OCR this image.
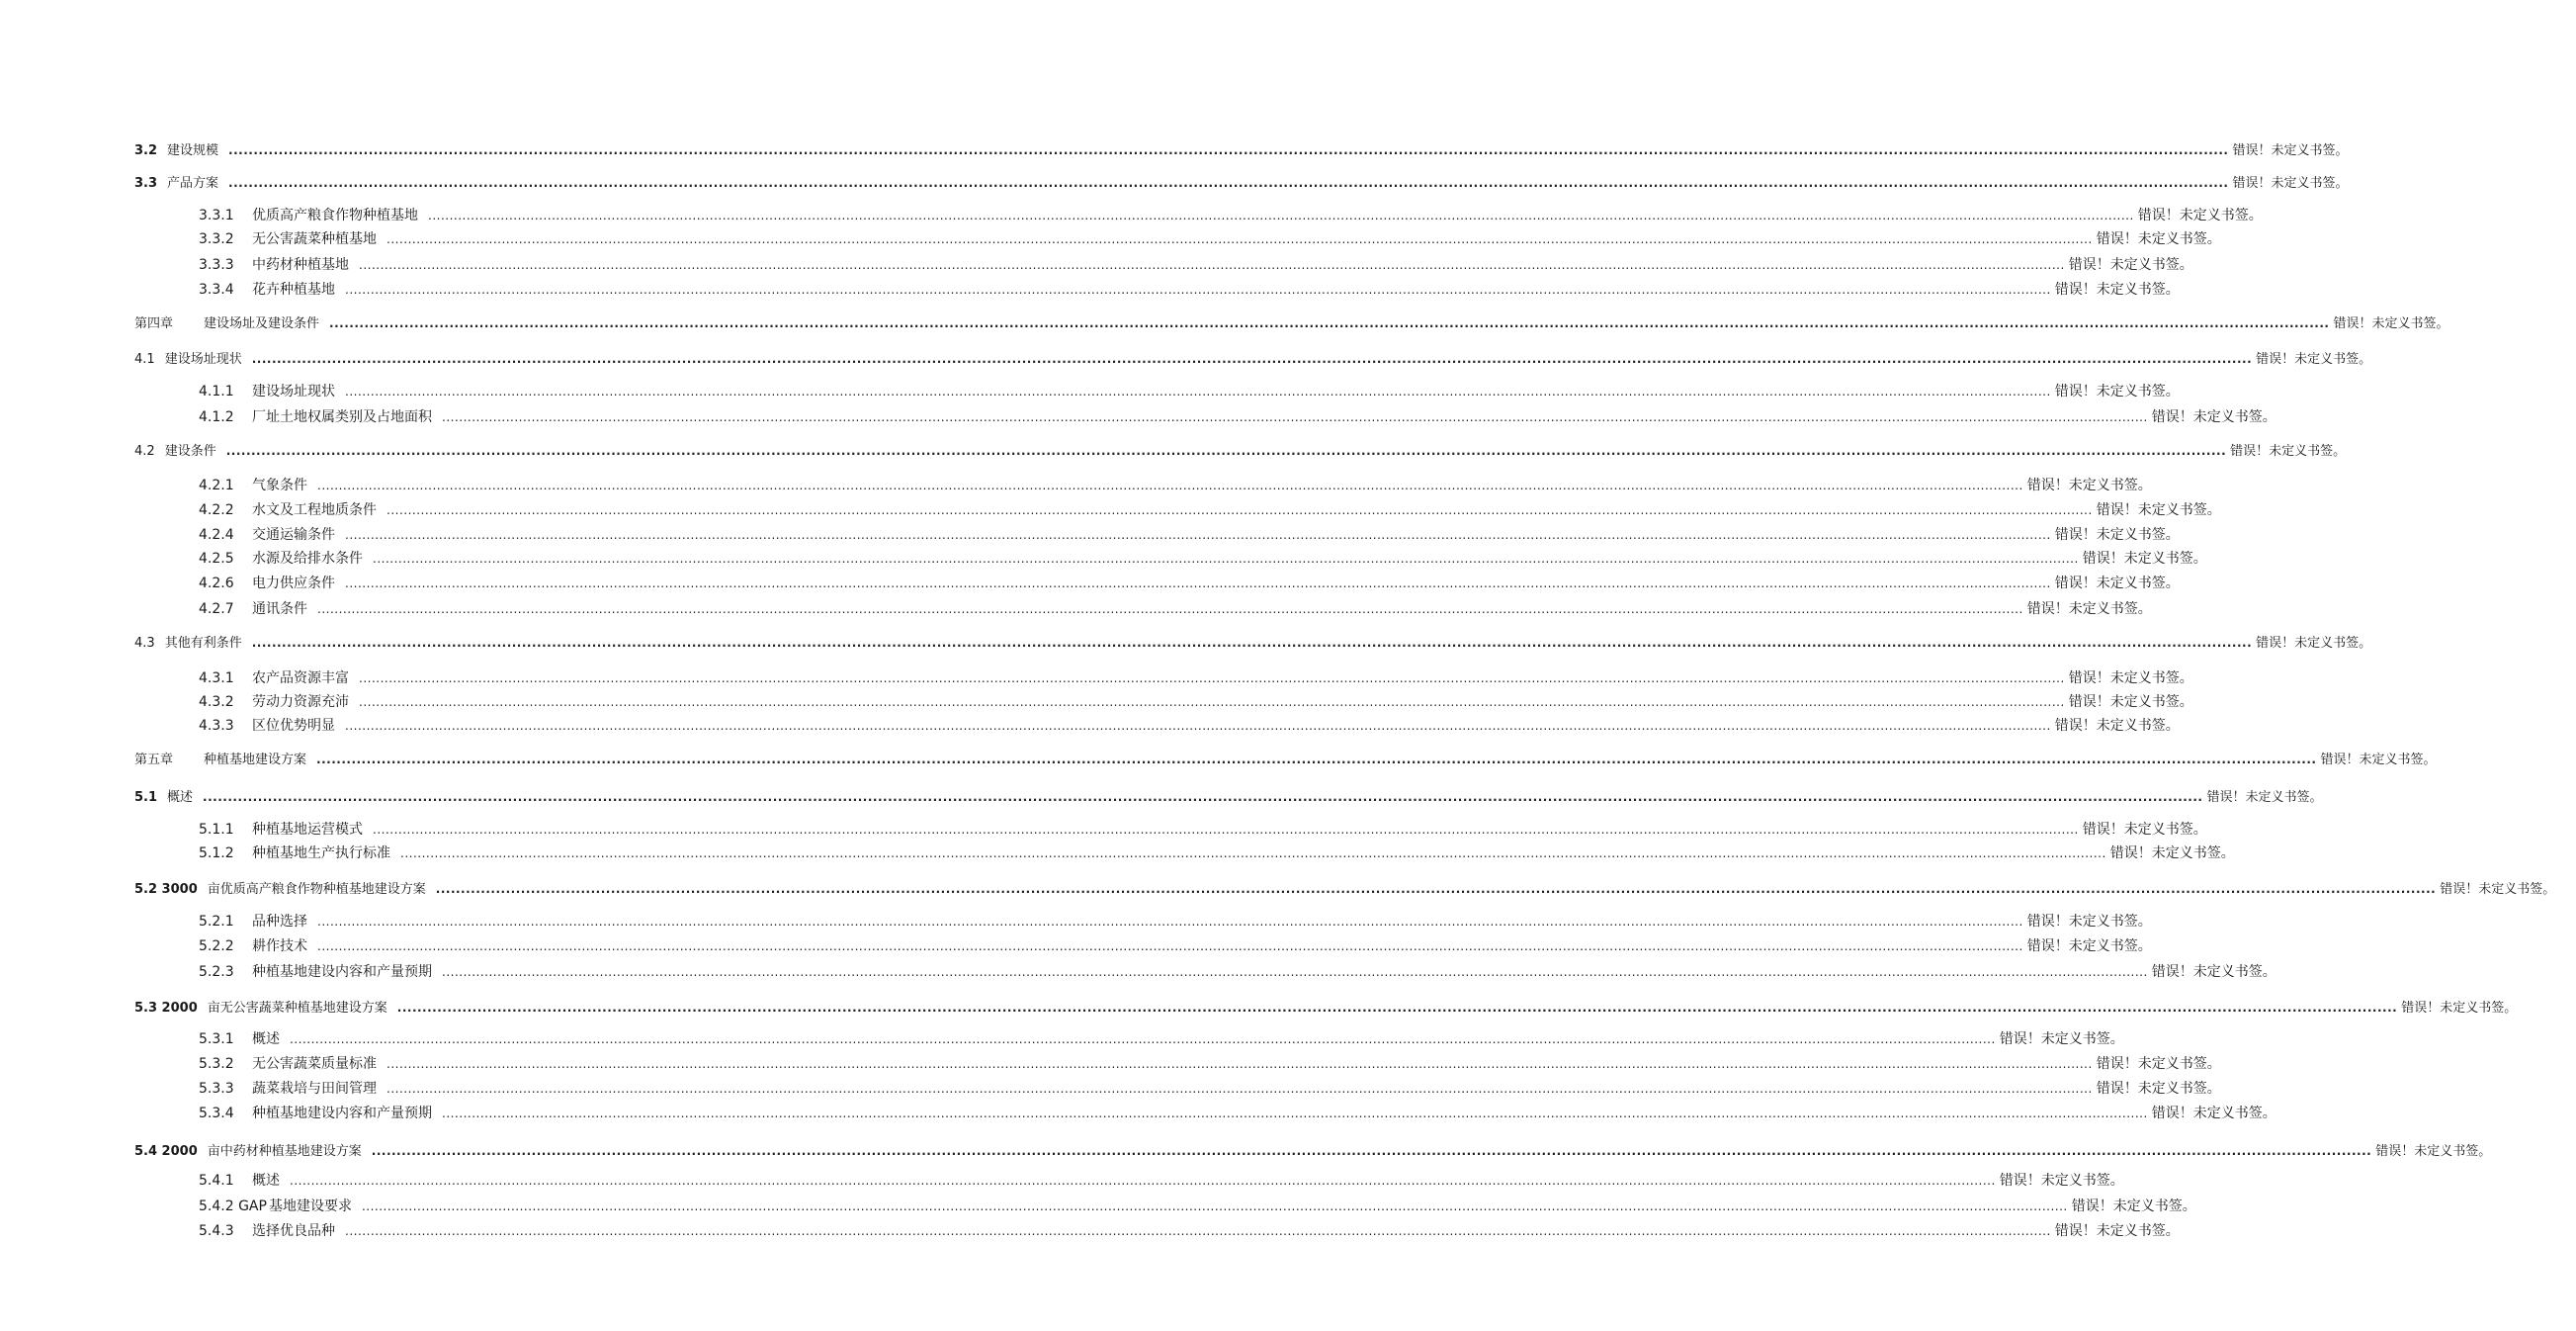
3.2 建设规模 ................................................................................................................................................................................................................................................................................................................................................................................................................ 错误！未定义书签。
3.3 产品方案 ................................................................................................................................................................................................................................................................................................................................................................................................................ 错误！未定义书签。
3.3.1	优质高产粮食作物种植基地 ................................................................................................................................................................................................................................................................................................................................................................................................................ 错误！未定义书签。
3.3.2	无公害蔬菜种植基地 ................................................................................................................................................................................................................................................................................................................................................................................................................ 错误！未定义书签。
3.3.3	中药材种植基地 ................................................................................................................................................................................................................................................................................................................................................................................................................ 错误！未定义书签。
3.3.4	花卉种植基地 ................................................................................................................................................................................................................................................................................................................................................................................................................ 错误！未定义书签。
第四章 建设场址及建设条件 ................................................................................................................................................................................................................................................................................................................................................................................................................ 错误！未定义书签。
4.1 建设场址现状 ................................................................................................................................................................................................................................................................................................................................................................................................................ 错误！未定义书签。
4.1.1	建设场址现状 ................................................................................................................................................................................................................................................................................................................................................................................................................ 错误！未定义书签。
4.1.2	厂址土地权属类别及占地面积 ................................................................................................................................................................................................................................................................................................................................................................................................................ 错误！未定义书签。
4.2 建设条件 ................................................................................................................................................................................................................................................................................................................................................................................................................ 错误！未定义书签。
4.2.1	气象条件 ................................................................................................................................................................................................................................................................................................................................................................................................................ 错误！未定义书签。
4.2.2	水文及工程地质条件 ................................................................................................................................................................................................................................................................................................................................................................................................................ 错误！未定义书签。
4.2.4	交通运输条件 ................................................................................................................................................................................................................................................................................................................................................................................................................ 错误！未定义书签。
4.2.5	水源及给排水条件 ................................................................................................................................................................................................................................................................................................................................................................................................................ 错误！未定义书签。
4.2.6	电力供应条件 ................................................................................................................................................................................................................................................................................................................................................................................................................ 错误！未定义书签。
4.2.7	通讯条件 ................................................................................................................................................................................................................................................................................................................................................................................................................ 错误！未定义书签。
4.3 其他有利条件 ................................................................................................................................................................................................................................................................................................................................................................................................................ 错误！未定义书签。
4.3.1	农产品资源丰富 ................................................................................................................................................................................................................................................................................................................................................................................................................ 错误！未定义书签。
4.3.2	劳动力资源充沛 ................................................................................................................................................................................................................................................................................................................................................................................................................ 错误！未定义书签。
4.3.3	区位优势明显 ................................................................................................................................................................................................................................................................................................................................................................................................................ 错误！未定义书签。
第五章 种植基地建设方案 ................................................................................................................................................................................................................................................................................................................................................................................................................ 错误！未定义书签。
5.1 概述 ................................................................................................................................................................................................................................................................................................................................................................................................................ 错误！未定义书签。
5.1.1	种植基地运营模式 ................................................................................................................................................................................................................................................................................................................................................................................................................ 错误！未定义书签。
5.1.2	种植基地生产执行标准 ................................................................................................................................................................................................................................................................................................................................................................................................................ 错误！未定义书签。
5.2 3000 亩优质高产粮食作物种植基地建设方案 ................................................................................................................................................................................................................................................................................................................................................................................................................ 错误！未定义书签。
5.2.1	品种选择 ................................................................................................................................................................................................................................................................................................................................................................................................................ 错误！未定义书签。
5.2.2	耕作技术 ................................................................................................................................................................................................................................................................................................................................................................................................................ 错误！未定义书签。
5.2.3	种植基地建设内容和产量预期 ................................................................................................................................................................................................................................................................................................................................................................................................................ 错误！未定义书签。
5.3 2000 亩无公害蔬菜种植基地建设方案 ................................................................................................................................................................................................................................................................................................................................................................................................................ 错误！未定义书签。
5.3.1	概述 ................................................................................................................................................................................................................................................................................................................................................................................................................ 错误！未定义书签。
5.3.2	无公害蔬菜质量标准 ................................................................................................................................................................................................................................................................................................................................................................................................................ 错误！未定义书签。
5.3.3	蔬菜栽培与田间管理 ................................................................................................................................................................................................................................................................................................................................................................................................................ 错误！未定义书签。
5.3.4	种植基地建设内容和产量预期 ................................................................................................................................................................................................................................................................................................................................................................................................................ 错误！未定义书签。
5.4 2000 亩中药材种植基地建设方案 ................................................................................................................................................................................................................................................................................................................................................................................................................ 错误！未定义书签。
5.4.1	概述 ................................................................................................................................................................................................................................................................................................................................................................................................................ 错误！未定义书签。
5.4.2 GAP 基地建设要求 ................................................................................................................................................................................................................................................................................................................................................................................................................ 错误！未定义书签。
5.4.3	选择优良品种 ................................................................................................................................................................................................................................................................................................................................................................................................................ 错误！未定义书签。
